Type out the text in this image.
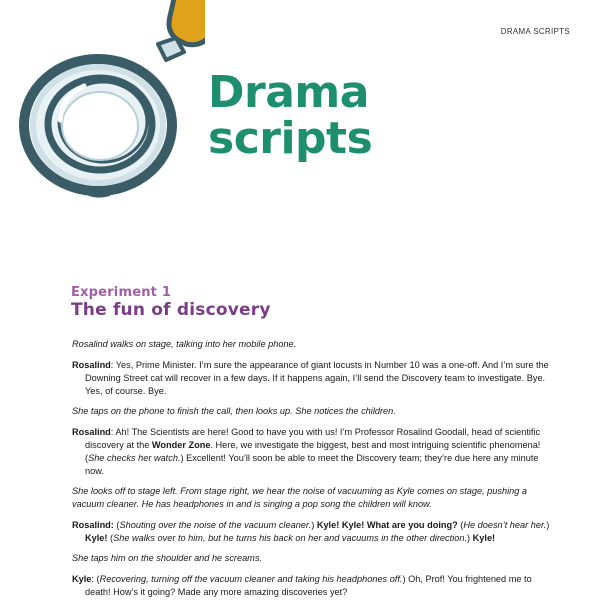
DRAMA SCRIPTS
Drama
scripts
Experiment 1
The fun of discovery

Rosalind walks on stage, talking into her mobile phone.

Rosalind: Yes, Prime Minister. I’m sure the appearance of giant locusts in Number 10 was a one-off. And I’m sure the Downing Street cat will recover in a few days. If it happens again, I’ll send the Discovery team to investigate. Bye. Yes, of course. Bye.

She taps on the phone to finish the call, then looks up. She notices the children.

Rosalind: Ah! The Scientists are here! Good to have you with us! I’m Professor Rosalind Goodall, head of scientific discovery at the Wonder Zone. Here, we investigate the biggest, best and most intriguing scientific phenomena! (She checks her watch.) Excellent! You’ll soon be able to meet the Discovery team; they’re due here any minute now.

She looks off to stage left. From stage right, we hear the noise of vacuuming as Kyle comes on stage, pushing a vacuum cleaner. He has headphones in and is singing a pop song the children will know.

Rosalind: (Shouting over the noise of the vacuum cleaner.) Kyle! Kyle! What are you doing? (He doesn’t hear her.) Kyle! (She walks over to him, but he turns his back on her and vacuums in the other direction.) Kyle!

She taps him on the shoulder and he screams.

Kyle: (Recovering, turning off the vacuum cleaner and taking his headphones off.) Oh, Prof! You frightened me to death! How’s it going? Made any more amazing discoveries yet?
